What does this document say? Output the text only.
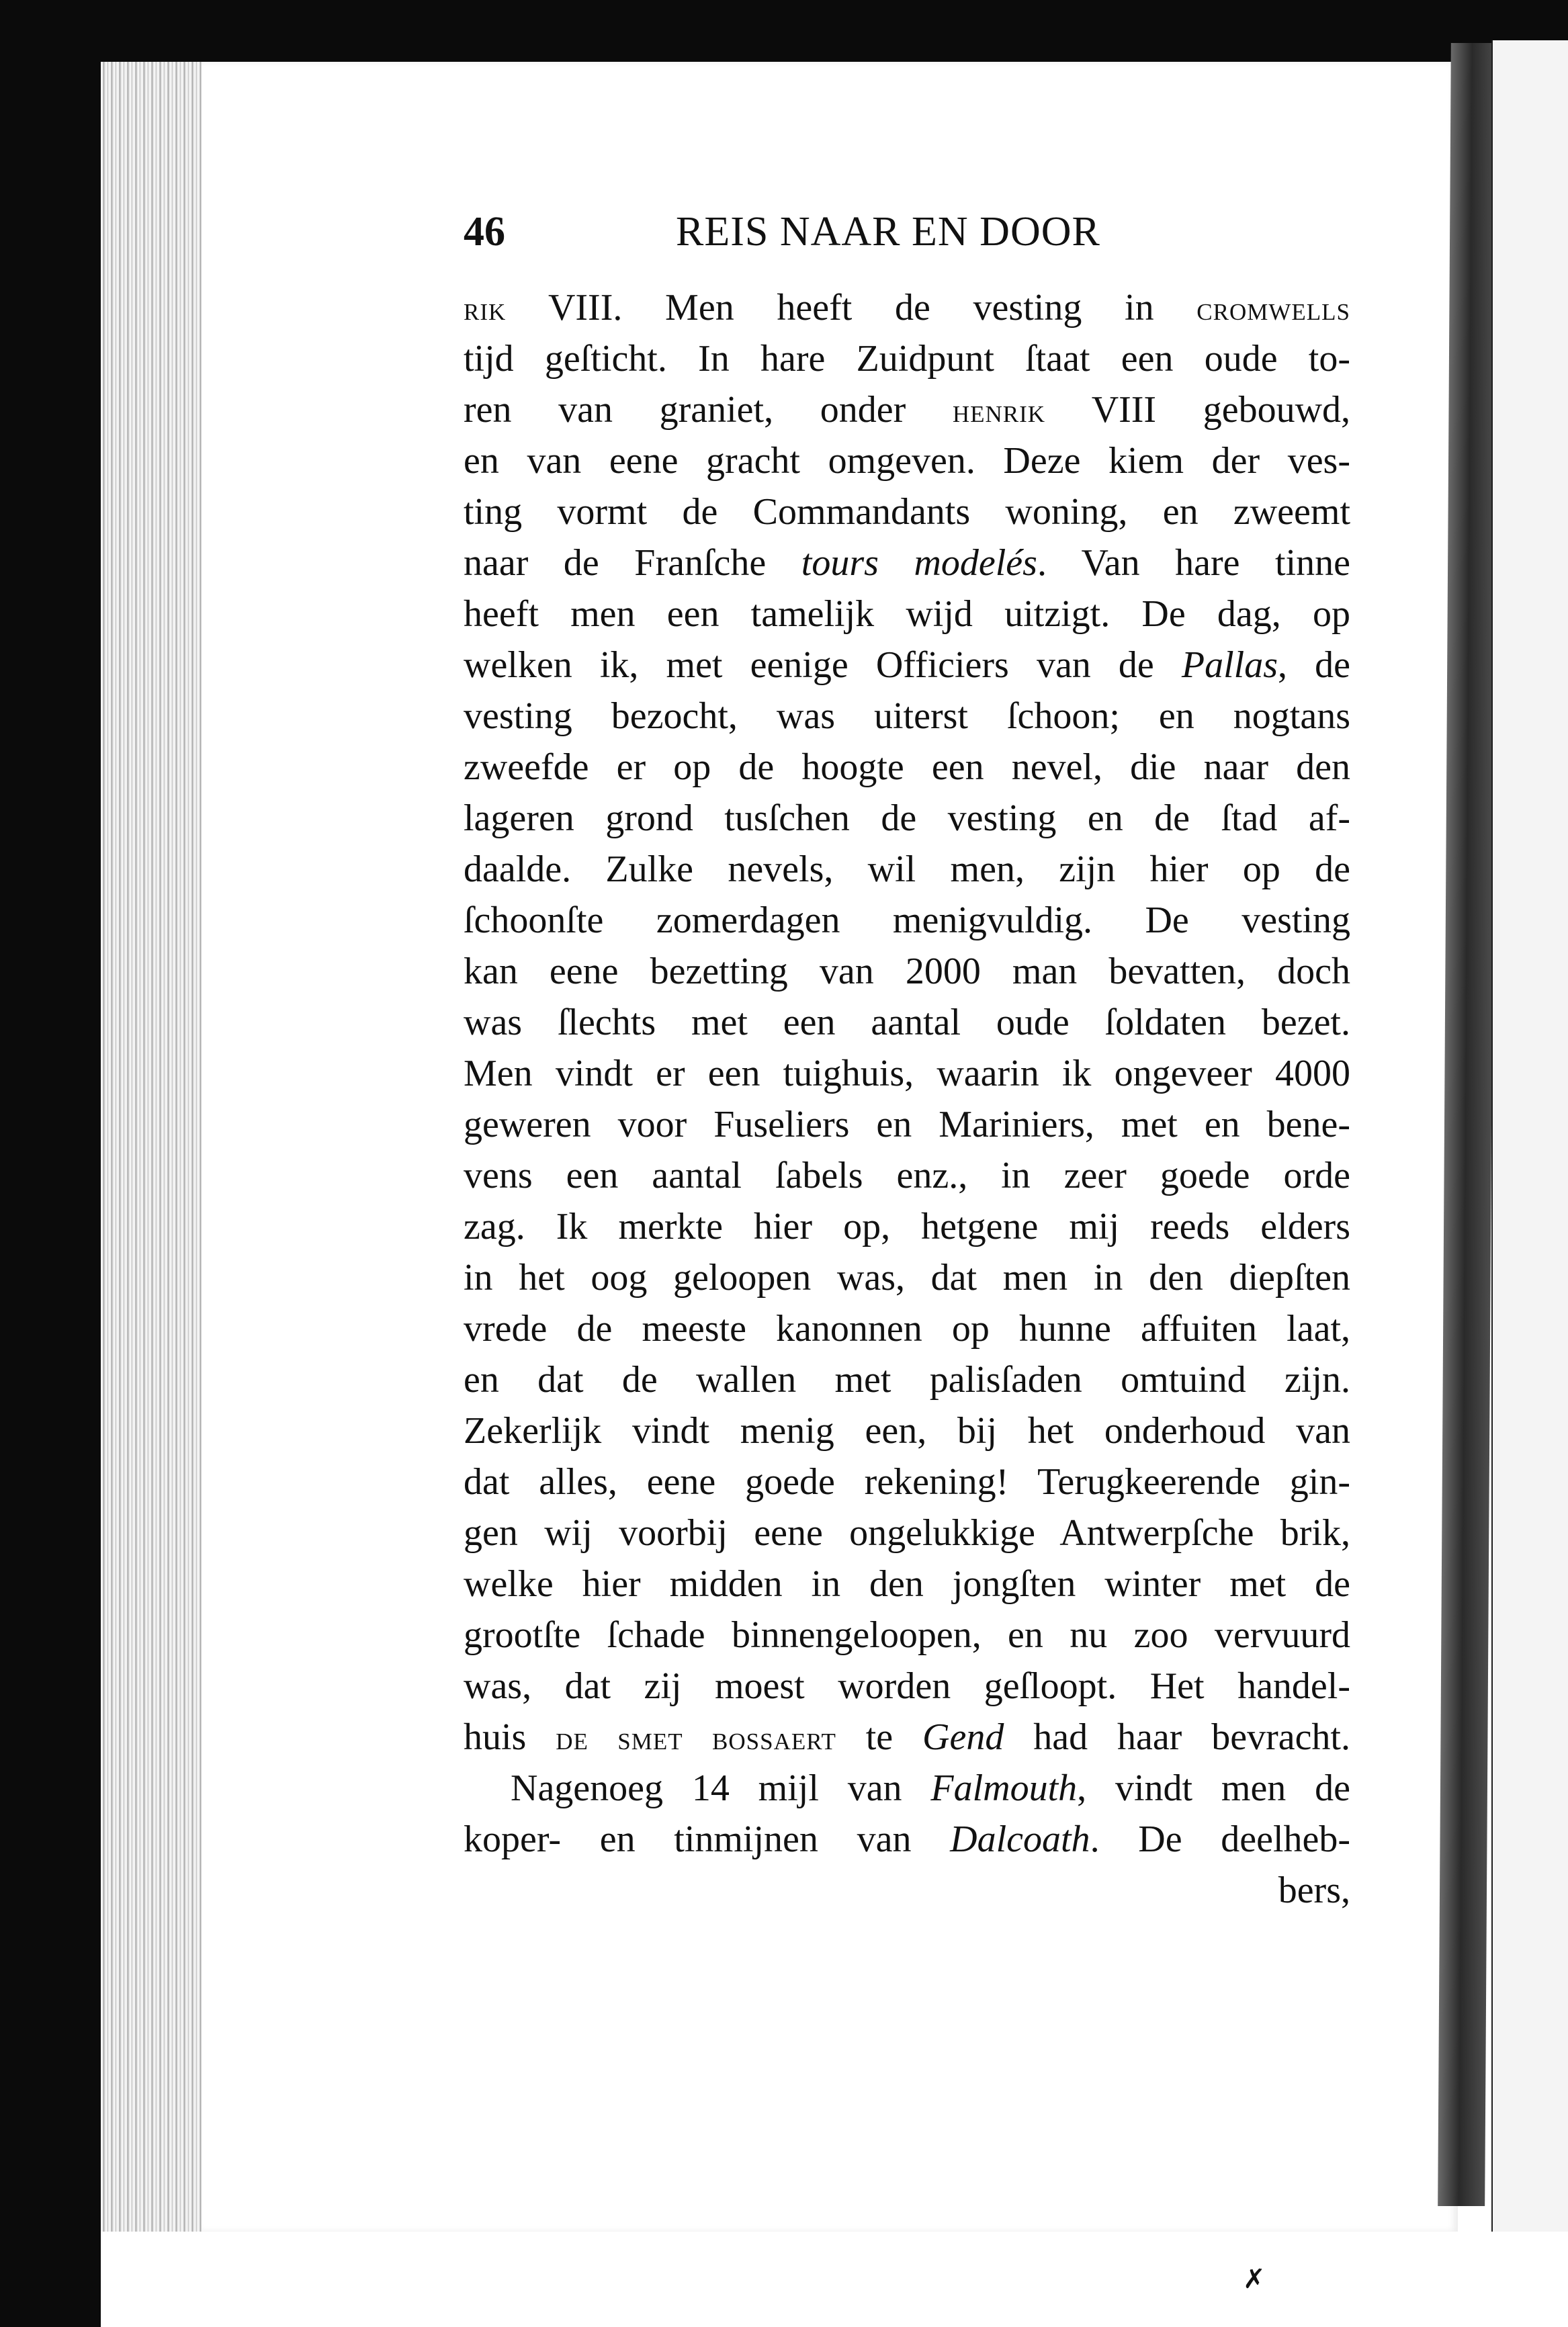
✗
46	REIS NAAR EN DOOR
rik VIII. Men heeft de vesting in cromwells
tijd geſticht. In hare Zuidpunt ſtaat een oude to-
ren van graniet, onder henrik VIII gebouwd,
en van eene gracht omgeven. Deze kiem der ves-
ting vormt de Commandants woning, en zweemt
naar de Franſche tours modelés. Van hare tinne
heeft men een tamelijk wijd uitzigt. De dag, op
welken ik, met eenige Officiers van de Pallas, de
vesting bezocht, was uiterst ſchoon; en nogtans
zweefde er op de hoogte een nevel, die naar den
lageren grond tusſchen de vesting en de ſtad af-
daalde. Zulke nevels, wil men, zijn hier op de
ſchoonſte zomerdagen menigvuldig. De vesting
kan eene bezetting van 2000 man bevatten, doch
was ſlechts met een aantal oude ſoldaten bezet.
Men vindt er een tuighuis, waarin ik ongeveer 4000
geweren voor Fuseliers en Mariniers, met en bene-
vens een aantal ſabels enz., in zeer goede orde
zag. Ik merkte hier op, hetgene mij reeds elders
in het oog geloopen was, dat men in den diepſten
vrede de meeste kanonnen op hunne affuiten laat,
en dat de wallen met palisſaden omtuind zijn.
Zekerlijk vindt menig een, bij het onderhoud van
dat alles, eene goede rekening! Terugkeerende gin-
gen wij voorbij eene ongelukkige Antwerpſche brik,
welke hier midden in den jongſten winter met de
grootſte ſchade binnengeloopen, en nu zoo vervuurd
was, dat zij moest worden geſloopt. Het handel-
huis de smet bossaert te Gend had haar bevracht.
Nagenoeg 14 mijl van Falmouth, vindt men de
koper- en tinmijnen van Dalcoath. De deelheb-
bers,
